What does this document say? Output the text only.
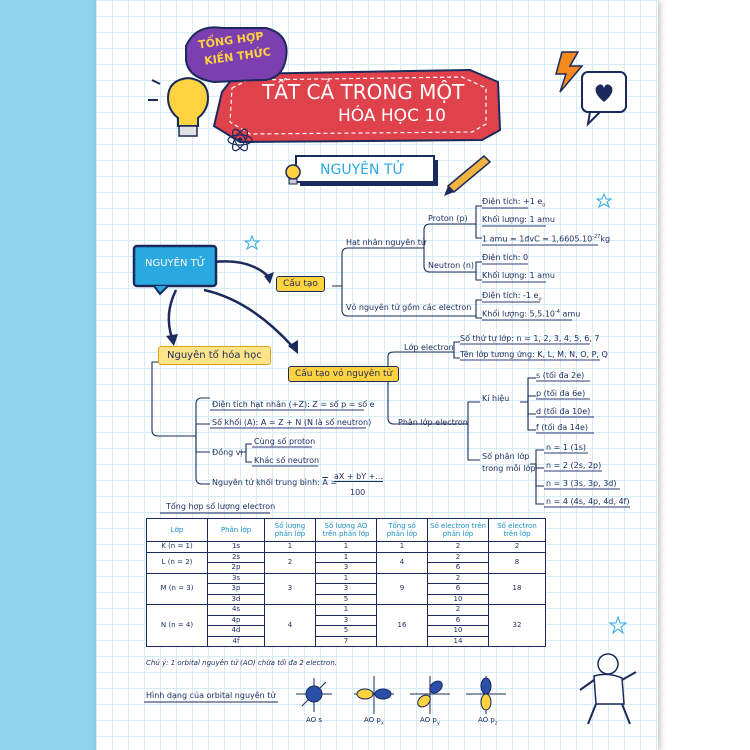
TỔNG HỢP
KIẾN THỨC
TẤT CẢ TRONG MỘT
HÓA HỌC 10
NGUYÊN TỬ
NGUYÊN TỬ
Cấu tạo
Nguyên tố hóa học
Cấu tạo vỏ nguyên tử
Hạt nhân nguyên tử
Proton (p)
Điện tích: +1 $e_o$
Khối lượng: 1 amu
1 amu = 1đvC = $1,6605.10^{-27}kg$
Neutron (n)
Điện tích: 0
Khối lượng: 1 amu
Vỏ nguyên tử gồm các electron
Điện tích: -1 $e_o$
Khối lượng: $5,5.10^{-4}$ amu
Lớp electron
Số thứ tự lớp: n = 1, 2, 3, 4, 5, 6, 7
Tên lớp tương ứng: K, L, M, N, O, P, Q
Phân lớp electron
Kí hiệu
s (tối đa 2e)
p (tối đa 6e)
d (tối đa 10e)
f (tối đa 14e)
Số phân lớp
trong mỗi lớp
n = 1 (1s)
n = 2 (2s, 2p)
n = 3 (3s, 3p, 3d)
n = 4 (4s, 4p, 4d, 4f)
Điện tích hạt nhân (+Z): Z = số p = số e
Số khối (A): A = Z + N (N là số neutron)
Đồng vị
Cùng số proton
Khác số neutron
Nguyên tử khối trung bình: $\overline{A}$ =
aX + bY +...
100
Tổng hợp số lượng electron
Lớp	Phân lớp	Số lượng phân lớp	Số lượng AO trên phân lớp	Tổng số phân lớp	Số electron trên phân lớp	Số electron trên lớp
K (n = 1)	1s	1	1	1	2	2
L (n = 2)	2s	2	1	4	2	8
	2p		3		6	
M (n = 3)	3s	3	1	9	2	18
	3p		3		6	
	3d		5		10	
N (n = 4)	4s	4	1	16	2	32
	4p		3		6	
	4d		5		10	
	4f		7		14	
Chú ý: 1 orbital nguyên tử (AO) chứa tối đa 2 electron.
Hình dạng của orbital nguyên tử
AO s	AO $p_x$	AO $p_y$	AO $p_z$
